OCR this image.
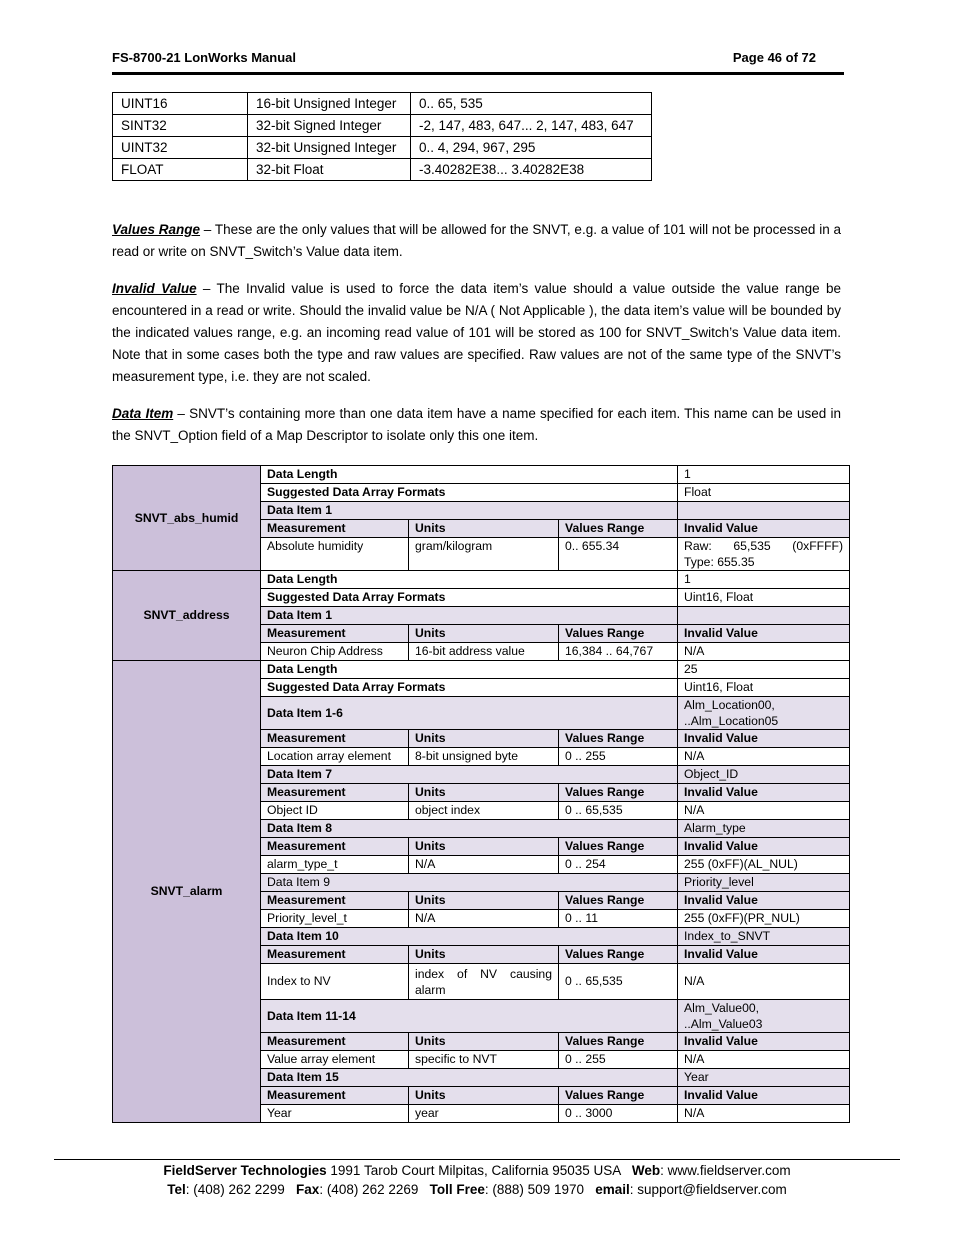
FS-8700-21 LonWorks Manual	Page 46 of 72
UINT16	16-bit Unsigned Integer	0.. 65, 535
SINT32	32-bit Signed Integer	-2, 147, 483, 647... 2, 147, 483, 647
UINT32	32-bit Unsigned Integer	0.. 4, 294, 967, 295
FLOAT	32-bit Float	-3.40282E38... 3.40282E38

Values Range – These are the only values that will be allowed for the SNVT, e.g. a value of 101 will not be processed in a read or write on SNVT_Switch’s Value data item.

Invalid Value – The Invalid value is used to force the data item’s value should a value outside the value range be encountered in a read or write. Should the invalid value be N/A ( Not Applicable ), the data item’s value will be bounded by the indicated values range, e.g. an incoming read value of 101 will be stored as 100 for SNVT_Switch’s Value data item. Note that in some cases both the type and raw values are specified. Raw values are not of the same type of the SNVT’s measurement type, i.e. they are not scaled.

Data Item – SNVT’s containing more than one data item have a name specified for each item. This name can be used in the SNVT_Option field of a Map Descriptor to isolate only this one item.

SNVT_abs_humid	Data Length			1
	Suggested Data Array Formats			Float
	Data Item 1			
	Measurement	Units	Values Range	Invalid Value
	Absolute humidity	gram/kilogram	0.. 655.34	Raw:     65,535     (0xFFFF)
Type: 655.35

SNVT_address	Data Length			1
	Suggested Data Array Formats			Uint16, Float
	Data Item 1			
	Measurement	Units	Values Range	Invalid Value
	Neuron Chip Address	16-bit address value	16,384 .. 64,767	N/A
SNVT_alarm	Data Length			25
	Suggested Data Array Formats			Uint16, Float
	Data Item 1-6			Alm_Location00,
..Alm_Location05

	Measurement	Units	Values Range	Invalid Value
	Location array element	8-bit unsigned byte	0 .. 255	N/A
	Data Item 7			Object_ID
	Measurement	Units	Values Range	Invalid Value
	Object ID	object index	0 .. 65,535	N/A
	Data Item 8			Alarm_type
	Measurement	Units	Values Range	Invalid Value
	alarm_type_t	N/A	0 .. 254	255 (0xFF)(AL_NUL)
	Data Item 9			Priority_level
	Measurement	Units	Values Range	Invalid Value
	Priority_level_t	N/A	0 .. 11	255 (0xFF)(PR_NUL)
	Data Item 10			Index_to_SNVT
	Measurement	Units	Values Range	Invalid Value
	Index to NV	index of NV causing
alarm	0 .. 65,535	N/A
	Data Item 11-14			Alm_Value00,
..Alm_Value03

	Measurement	Units	Values Range	Invalid Value
	Value array element	specific to NVT	0 .. 255	N/A
	Data Item 15			Year
	Measurement	Units	Values Range	Invalid Value
	Year	year	0 .. 3000	N/A
FieldServer Technologies 1991 Tarob Court Milpitas, California 95035 USA   Web: www.fieldserver.com
Tel: (408) 262 2299   Fax: (408) 262 2269   Toll Free: (888) 509 1970   email: support@fieldserver.com
